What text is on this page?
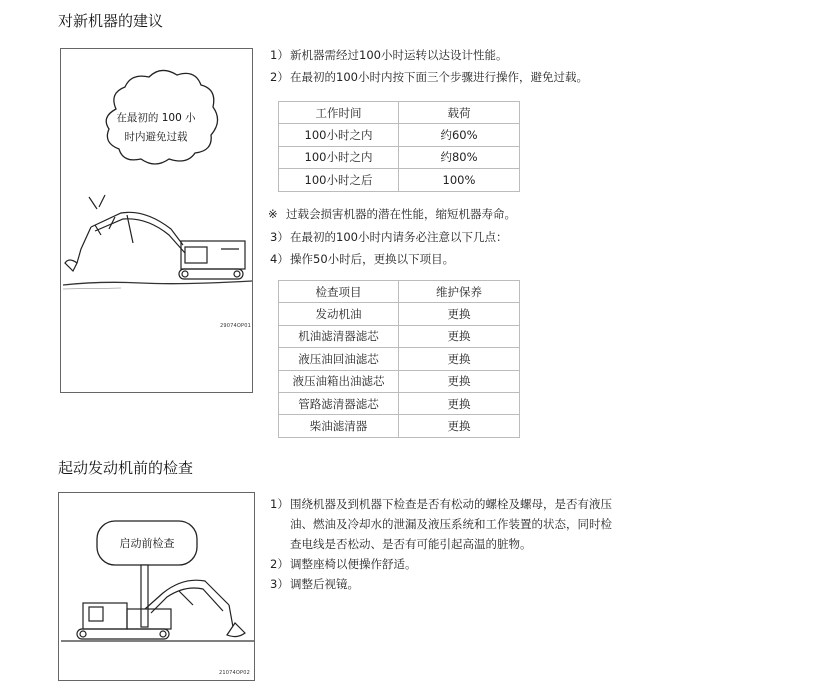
对新机器的建议
在最初的 100 小
时内避免过载
29074OP01
1）新机器需经过100小时运转以达设计性能。
2）在最初的100小时内按下面三个步骤进行操作，避免过载。
工作时间	载荷
100小时之内	约60%
100小时之内	约80%
100小时之后	100%
※ 过载会损害机器的潜在性能，缩短机器寿命。
3）在最初的100小时内请务必注意以下几点：
4）操作50小时后，更换以下项目。
检查项目	维护保养
发动机油	更换
机油滤清器滤芯	更换
液压油回油滤芯	更换
液压油箱出油滤芯	更换
管路滤清器滤芯	更换
柴油滤清器	更换
起动发动机前的检查
启动前检查
21074OP02
1）围绕机器及到机器下检查是否有松动的螺栓及螺母，是否有液压
油、燃油及冷却水的泄漏及液压系统和工作装置的状态，同时检
查电线是否松动、是否有可能引起高温的脏物。
2）调整座椅以便操作舒适。
3）调整后视镜。
